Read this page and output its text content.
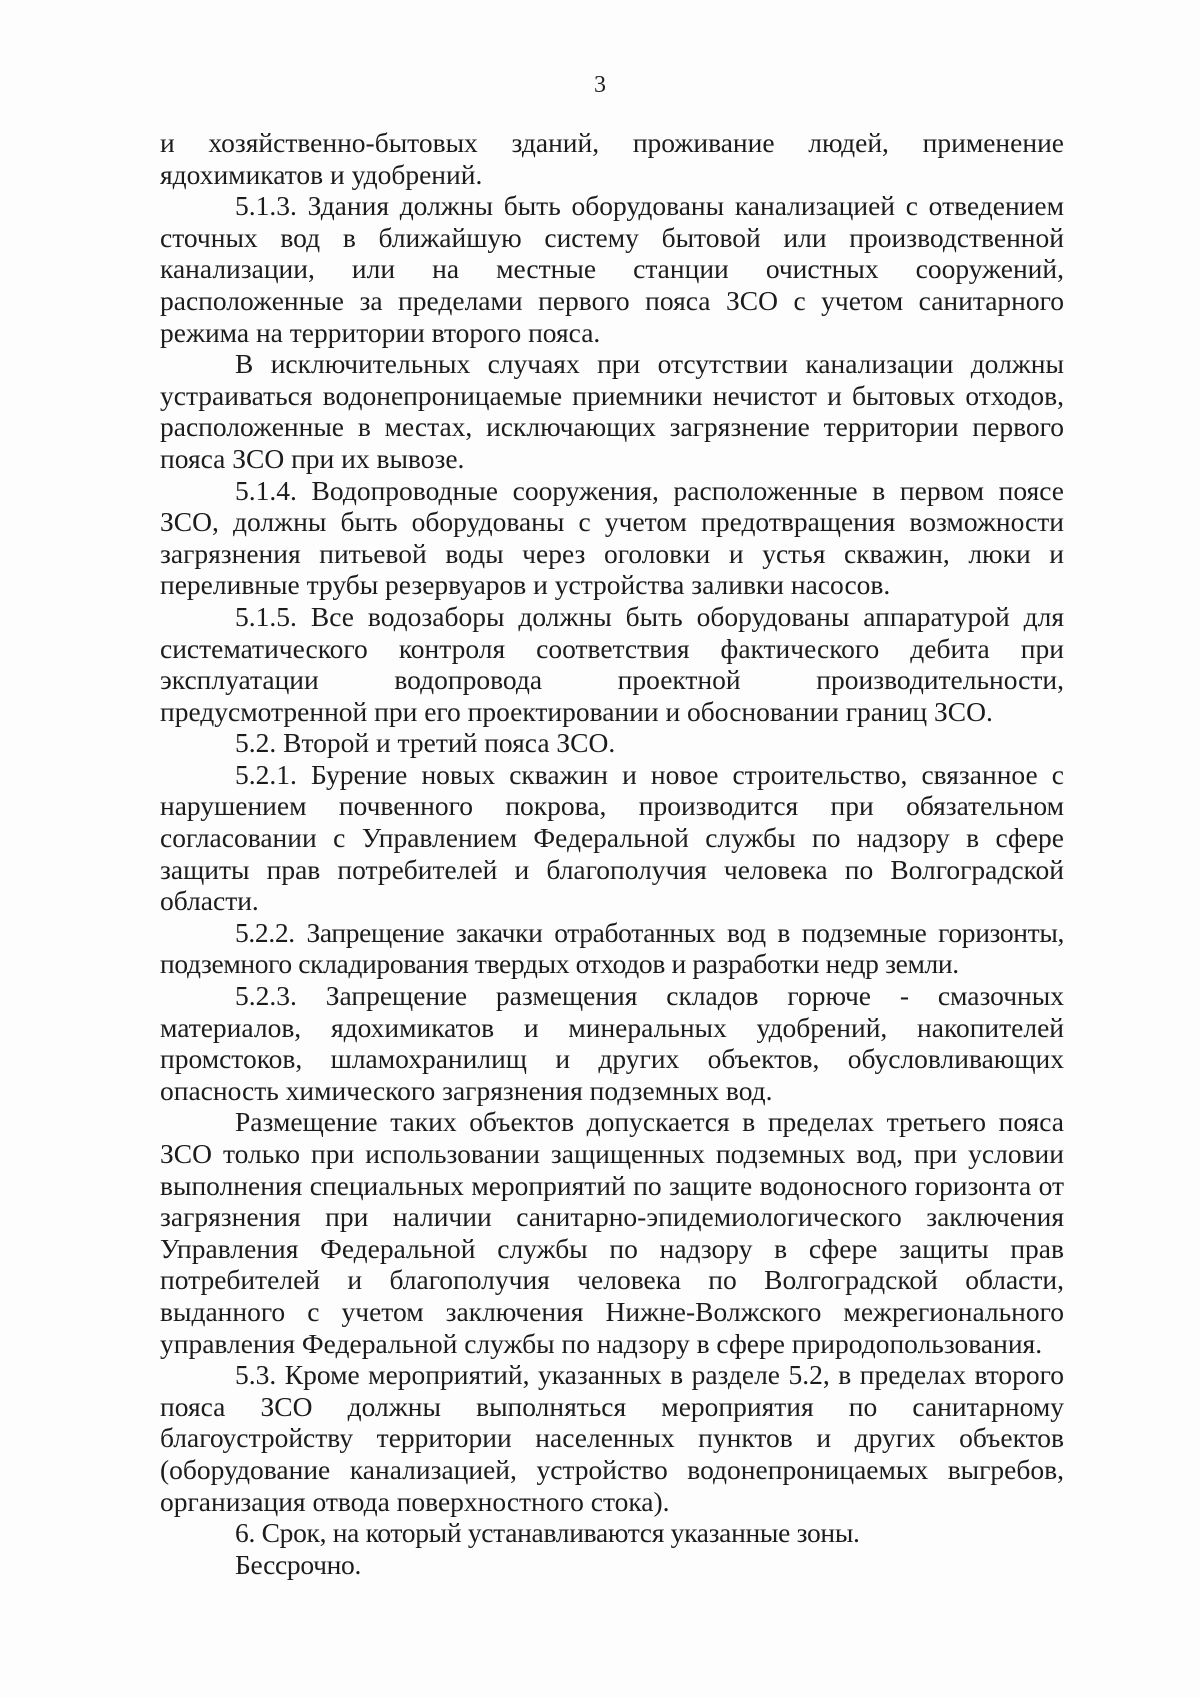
3

и хозяйственно-бытовых зданий, проживание людей, применение ядохимикатов и удобрений.

5.1.3. Здания должны быть оборудованы канализацией с отведением сточных вод в ближайшую систему бытовой или производственной канализации, или на местные станции очистных сооружений, расположенные за пределами первого пояса ЗСО с учетом санитарного режима на территории второго пояса.

В исключительных случаях при отсутствии канализации должны устраиваться водонепроницаемые приемники нечистот и бытовых отходов, расположенные в местах, исключающих загрязнение территории первого пояса ЗСО при их вывозе.

5.1.4. Водопроводные сооружения, расположенные в первом поясе ЗСО, должны быть оборудованы с учетом предотвращения возможности загрязнения питьевой воды через оголовки и устья скважин, люки и переливные трубы резервуаров и устройства заливки насосов.

5.1.5. Все водозаборы должны быть оборудованы аппаратурой для систематического контроля соответствия фактического дебита при эксплуатации водопровода проектной производительности, предусмотренной при его проектировании и обосновании границ ЗСО.

5.2. Второй и третий пояса ЗСО.

5.2.1. Бурение новых скважин и новое строительство, связанное с нарушением почвенного покрова, производится при обязательном согласовании с Управлением Федеральной службы по надзору в сфере защиты прав потребителей и благополучия человека по Волгоградской области.

5.2.2. Запрещение закачки отработанных вод в подземные горизонты, подземного складирования твердых отходов и разработки недр земли.

5.2.3. Запрещение размещения складов горюче - смазочных материалов, ядохимикатов и минеральных удобрений, накопителей промстоков, шламохранилищ и других объектов, обусловливающих опасность химического загрязнения подземных вод.

Размещение таких объектов допускается в пределах третьего пояса ЗСО только при использовании защищенных подземных вод, при условии выполнения специальных мероприятий по защите водоносного горизонта от загрязнения при наличии санитарно-эпидемиологического заключения Управления Федеральной службы по надзору в сфере защиты прав потребителей и благополучия человека по Волгоградской области, выданного с учетом заключения Нижне-Волжского межрегионального управления Федеральной службы по надзору в сфере природопользования.

5.3. Кроме мероприятий, указанных в разделе 5.2, в пределах второго пояса ЗСО должны выполняться мероприятия по санитарному благоустройству территории населенных пунктов и других объектов (оборудование канализацией, устройство водонепроницаемых выгребов, организация отвода поверхностного стока).

6. Срок, на который устанавливаются указанные зоны.

Бессрочно.
